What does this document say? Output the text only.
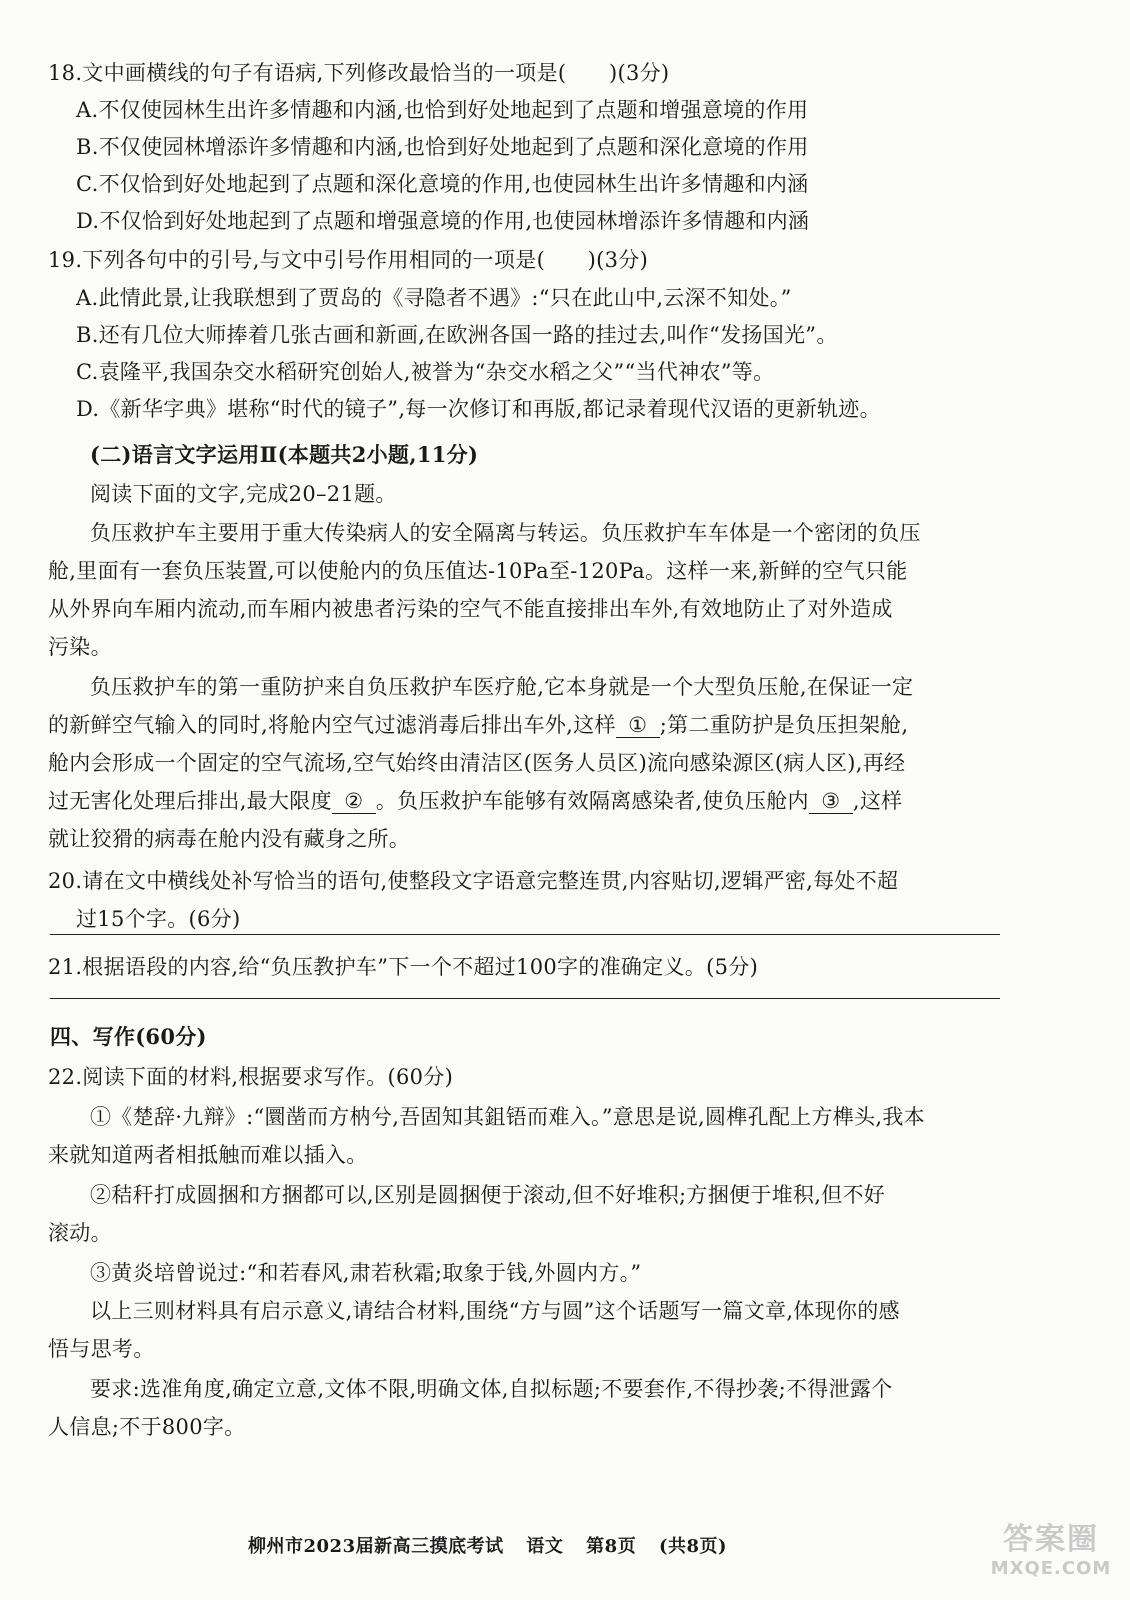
18.文中画横线的句子有语病,下列修改最恰当的一项是(　　)(3分)
A.不仅使园林生出许多情趣和内涵,也恰到好处地起到了点题和增强意境的作用
B.不仅使园林增添许多情趣和内涵,也恰到好处地起到了点题和深化意境的作用
C.不仅恰到好处地起到了点题和深化意境的作用,也使园林生出许多情趣和内涵
D.不仅恰到好处地起到了点题和增强意境的作用,也使园林增添许多情趣和内涵
19.下列各句中的引号,与文中引号作用相同的一项是(　　)(3分)
A.此情此景,让我联想到了贾岛的《寻隐者不遇》:“只在此山中,云深不知处。”
B.还有几位大师捧着几张古画和新画,在欧洲各国一路的挂过去,叫作“发扬国光”。
C.袁隆平,我国杂交水稻研究创始人,被誉为“杂交水稻之父”“当代神农”等。
D.《新华字典》堪称“时代的镜子”,每一次修订和再版,都记录着现代汉语的更新轨迹。
(二)语言文字运用Ⅱ(本题共2小题,11分)
阅读下面的文字,完成20–21题。
负压救护车主要用于重大传染病人的安全隔离与转运。负压救护车车体是一个密闭的负压
舱,里面有一套负压装置,可以使舱内的负压值达-10Pa至-120Pa。这样一来,新鲜的空气只能
从外界向车厢内流动,而车厢内被患者污染的空气不能直接排出车外,有效地防止了对外造成
污染。
负压救护车的第一重防护来自负压救护车医疗舱,它本身就是一个大型负压舱,在保证一定
的新鲜空气输入的同时,将舱内空气过滤消毒后排出车外,这样 ① ;第二重防护是负压担架舱,
舱内会形成一个固定的空气流场,空气始终由清洁区(医务人员区)流向感染源区(病人区),再经
过无害化处理后排出,最大限度 ② 。负压救护车能够有效隔离感染者,使负压舱内 ③ ,这样
就让狡猾的病毒在舱内没有藏身之所。
20.请在文中横线处补写恰当的语句,使整段文字语意完整连贯,内容贴切,逻辑严密,每处不超
过15个字。(6分)
21.根据语段的内容,给“负压教护车”下一个不超过100字的准确定义。(5分)
四、写作(60分)
22.阅读下面的材料,根据要求写作。(60分)
①《楚辞·九辩》:“圜凿而方枘兮,吾固知其鉏铻而难入。”意思是说,圆榫孔配上方榫头,我本
来就知道两者相抵触而难以插入。
②秸秆打成圆捆和方捆都可以,区别是圆捆便于滚动,但不好堆积;方捆便于堆积,但不好
滚动。
③黄炎培曾说过:“和若春风,肃若秋霜;取象于钱,外圆内方。”
以上三则材料具有启示意义,请结合材料,围绕“方与圆”这个话题写一篇文章,体现你的感
悟与思考。
要求:选准角度,确定立意,文体不限,明确文体,自拟标题;不要套作,不得抄袭;不得泄露个
人信息;不于800字。
柳州市2023届新高三摸底考试 语文 第8页 (共8页)	答案圈
MXQE.COM
